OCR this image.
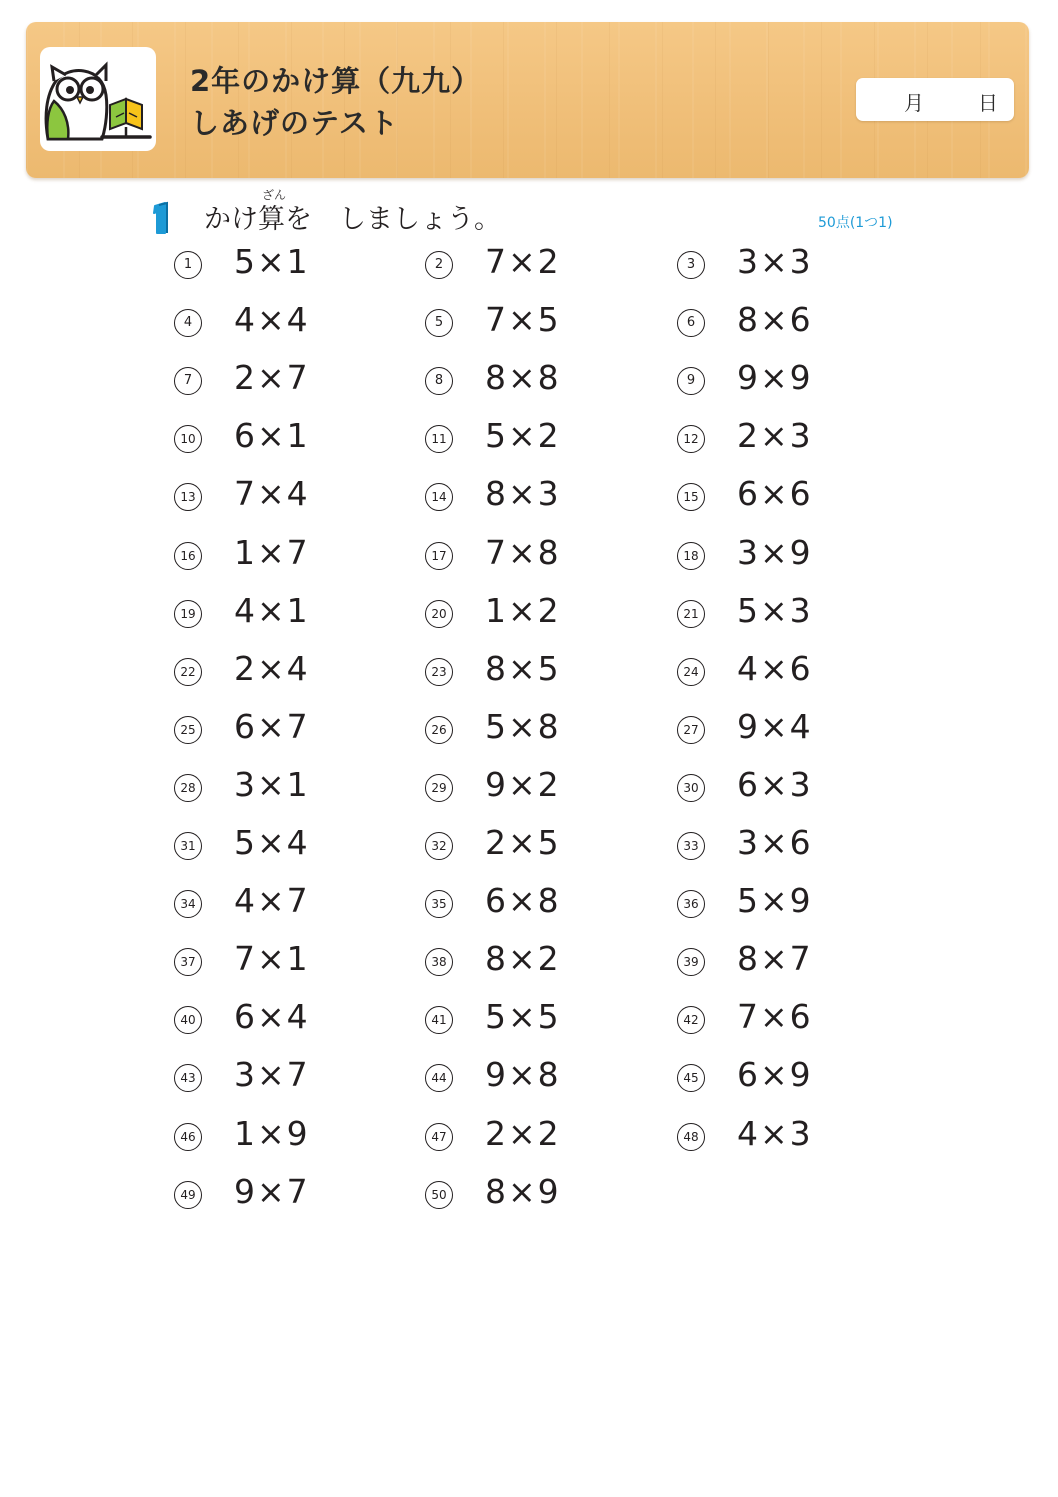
2年のかけ算（九九）
しあげのテスト
月	日
1
ざん
かけ算を　しましょう。	50点(1つ1)
1 5×1	2 7×2	3 3×3
4 4×4	5 7×5	6 8×6
7 2×7	8 8×8	9 9×9
10 6×1	11 5×2	12 2×3
13 7×4	14 8×3	15 6×6
16 1×7	17 7×8	18 3×9
19 4×1	20 1×2	21 5×3
22 2×4	23 8×5	24 4×6
25 6×7	26 5×8	27 9×4
28 3×1	29 9×2	30 6×3
31 5×4	32 2×5	33 3×6
34 4×7	35 6×8	36 5×9
37 7×1	38 8×2	39 8×7
40 6×4	41 5×5	42 7×6
43 3×7	44 9×8	45 6×9
46 1×9	47 2×2	48 4×3
49 9×7	50 8×9
